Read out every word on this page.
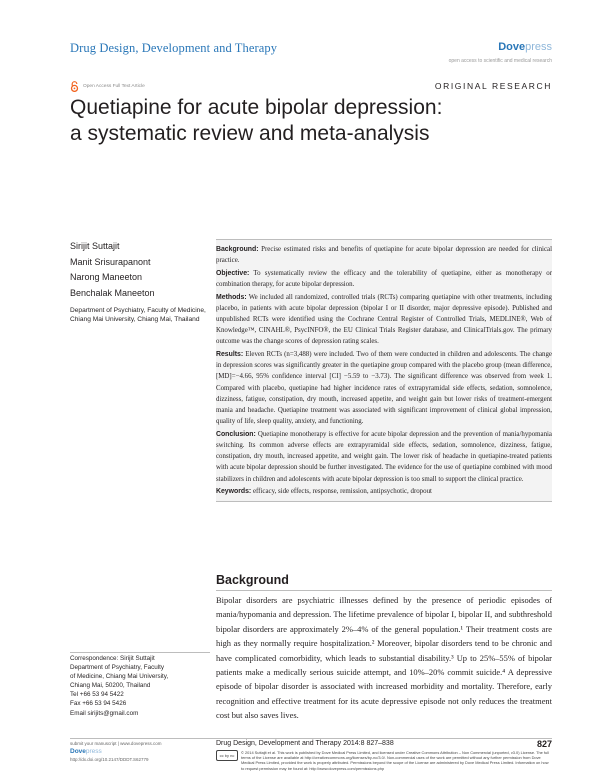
Drug Design, Development and Therapy	Dovepress
open access to scientific and medical research
Open Access Full Text Article	ORIGINAL RESEARCH
Quetiapine for acute bipolar depression:
a systematic review and meta-analysis
Sirijit Suttajit
Manit Srisurapanont
Narong Maneeton
Benchalak Maneeton
Department of Psychiatry, Faculty of Medicine, Chiang Mai University, Chiang Mai, Thailand

Background: Precise estimated risks and benefits of quetiapine for acute bipolar depression are needed for clinical practice.

Objective: To systematically review the efficacy and the tolerability of quetiapine, either as monotherapy or combination therapy, for acute bipolar depression.

Methods: We included all randomized, controlled trials (RCTs) comparing quetiapine with other treatments, including placebo, in patients with acute bipolar depression (bipolar I or II disorder, major depressive episode). Published and unpublished RCTs were identified using the Cochrane Central Register of Controlled Trials, MEDLINE®, Web of Knowledge™, CINAHL®, PsycINFO®, the EU Clinical Trials Register database, and ClinicalTrials.gov. The primary outcome was the change scores of depression rating scales.

Results: Eleven RCTs (n=3,488) were included. Two of them were conducted in children and adolescents. The change in depression scores was significantly greater in the quetiapine group compared with the placebo group (mean difference, [MD]=−4.66, 95% confidence interval [CI] −5.59 to −3.73). The significant difference was observed from week 1. Compared with placebo, quetiapine had higher incidence rates of extrapyramidal side effects, sedation, somnolence, dizziness, fatigue, constipation, dry mouth, increased appetite, and weight gain but lower risks of treatment-emergent mania and headache. Quetiapine treatment was associated with significant improvement of clinical global impression, quality of life, sleep quality, anxiety, and functioning.

Conclusion: Quetiapine monotherapy is effective for acute bipolar depression and the prevention of mania/hypomania switching. Its common adverse effects are extrapyramidal side effects, sedation, somnolence, dizziness, fatigue, constipation, dry mouth, increased appetite, and weight gain. The lower risk of headache in quetiapine-treated patients with acute bipolar depression should be further investigated. The evidence for the use of quetiapine combined with mood stabilizers in children and adolescents with acute bipolar depression is too small to support the clinical practice.

Keywords: efficacy, side effects, response, remission, antipsychotic, dropout

Background

Bipolar disorders are psychiatric illnesses defined by the presence of periodic episodes of mania/hypomania and depression. The lifetime prevalence of bipolar I, bipolar II, and subthreshold bipolar disorders are approximately 2%–4% of the general population.¹ Their treatment costs are high as they normally require hospitalization.² Moreover, bipolar disorders tend to be chronic and have complicated comorbidity, which leads to substantial disability.³ Up to 25%–55% of bipolar patients make a medically serious suicide attempt, and 10%–20% commit suicide.⁴ A depressive episode of bipolar disorder is associated with increased morbidity and mortality. Therefore, early recognition and effective treatment for its acute depressive episode not only reduces the treatment cost but also saves lives.

Correspondence: Sirijit Suttajit
Department of Psychiatry, Faculty
of Medicine, Chiang Mai University,
Chiang Mai, 50200, Thailand
Tel +66 53 94 5422
Fax +66 53 94 5426
Email sirijits@gmail.com
submit your manuscript | www.dovepress.com
Dovepress
http://dx.doi.org/10.2147/DDDT.S62779
Drug Design, Development and Therapy 2014:8 827–838	827
cc by nc
© 2014 Suttajit et al. This work is published by Dove Medical Press Limited, and licensed under Creative Commons Attribution – Non Commercial (unported, v3.0) License. The full terms of the License are available at http://creativecommons.org/licenses/by-nc/3.0/. Non-commercial uses of the work are permitted without any further permission from Dove Medical Press Limited, provided the work is properly attributed. Permissions beyond the scope of the License are administered by Dove Medical Press Limited. Information on how to request permission may be found at: http://www.dovepress.com/permissions.php
